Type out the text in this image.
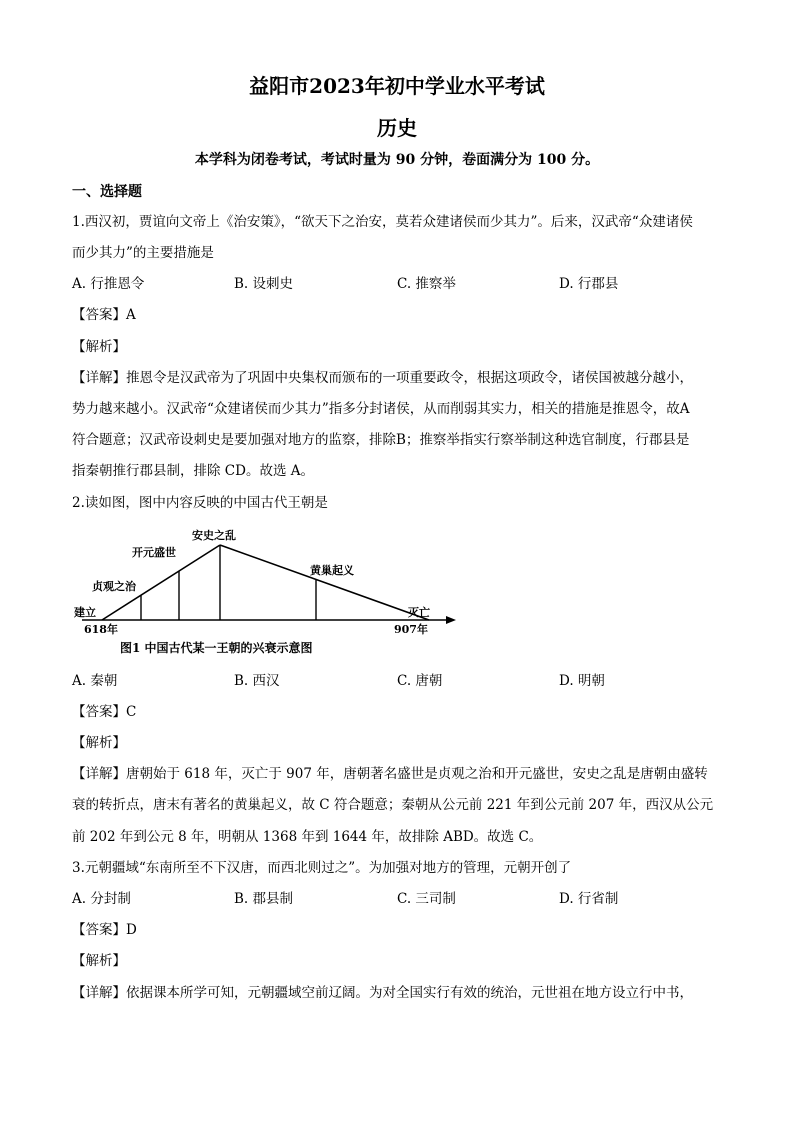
益阳市2023年初中学业水平考试
历史
本学科为闭卷考试，考试时量为 90 分钟，卷面满分为 100 分。
一、选择题
1.西汉初，贾谊向文帝上《治安策》，“欲天下之治安，莫若众建诸侯而少其力”。后来，汉武帝“众建诸侯
而少其力”的主要措施是
A. 行推恩令	B. 设刺史	C. 推察举	D. 行郡县
【答案】A
【解析】
【详解】推恩令是汉武帝为了巩固中央集权而颁布的一项重要政令，根据这项政令，诸侯国被越分越小，
势力越来越小。汉武帝“众建诸侯而少其力”指多分封诸侯，从而削弱其实力，相关的措施是推恩令，故A
符合题意；汉武帝设刺史是要加强对地方的监察，排除B；推察举指实行察举制这种选官制度，行郡县是
指秦朝推行郡县制，排除 CD。故选 A。
2.读如图，图中内容反映的中国古代王朝是
建立
618年
贞观之治
开元盛世
安史之乱
黄巢起义
灭亡
907年
图1 中国古代某一王朝的兴衰示意图
A. 秦朝	B. 西汉	C. 唐朝	D. 明朝
【答案】C
【解析】
【详解】唐朝始于 618 年，灭亡于 907 年，唐朝著名盛世是贞观之治和开元盛世，安史之乱是唐朝由盛转
衰的转折点，唐末有著名的黄巢起义，故 C 符合题意；秦朝从公元前 221 年到公元前 207 年，西汉从公元
前 202 年到公元 8 年，明朝从 1368 年到 1644 年，故排除 ABD。故选 C。
3.元朝疆域“东南所至不下汉唐，而西北则过之”。为加强对地方的管理，元朝开创了
A. 分封制	B. 郡县制	C. 三司制	D. 行省制
【答案】D
【解析】
【详解】依据课本所学可知，元朝疆域空前辽阔。为对全国实行有效的统治，元世祖在地方设立行中书，
